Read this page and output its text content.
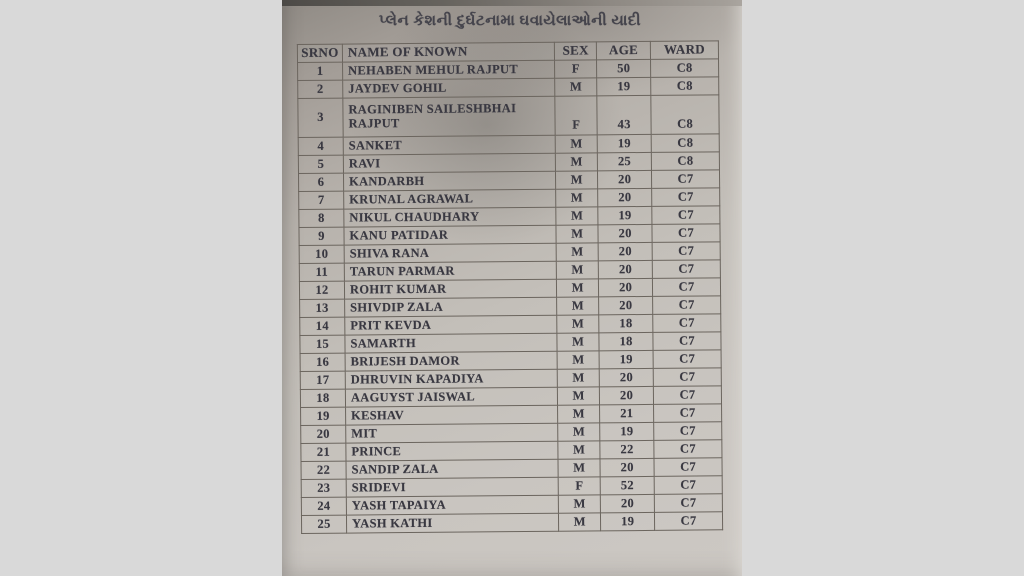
પ્લેન કેશની દુર્ઘટનામા ઘવાયેલાઓની યાદી
SRNO	NAME OF KNOWN	SEX	AGE	WARD
1	NEHABEN MEHUL RAJPUT	F	50	C8
2	JAYDEV GOHIL	M	19	C8
3	RAGINIBEN SAILESHBHAI
RAJPUT	F	43	C8
4	SANKET	M	19	C8
5	RAVI	M	25	C8
6	KANDARBH	M	20	C7
7	KRUNAL AGRAWAL	M	20	C7
8	NIKUL CHAUDHARY	M	19	C7
9	KANU PATIDAR	M	20	C7
10	SHIVA RANA	M	20	C7
11	TARUN PARMAR	M	20	C7
12	ROHIT KUMAR	M	20	C7
13	SHIVDIP ZALA	M	20	C7
14	PRIT KEVDA	M	18	C7
15	SAMARTH	M	18	C7
16	BRIJESH DAMOR	M	19	C7
17	DHRUVIN KAPADIYA	M	20	C7
18	AAGUYST JAISWAL	M	20	C7
19	KESHAV	M	21	C7
20	MIT	M	19	C7
21	PRINCE	M	22	C7
22	SANDIP ZALA	M	20	C7
23	SRIDEVI	F	52	C7
24	YASH TAPAIYA	M	20	C7
25	YASH KATHI	M	19	C7
